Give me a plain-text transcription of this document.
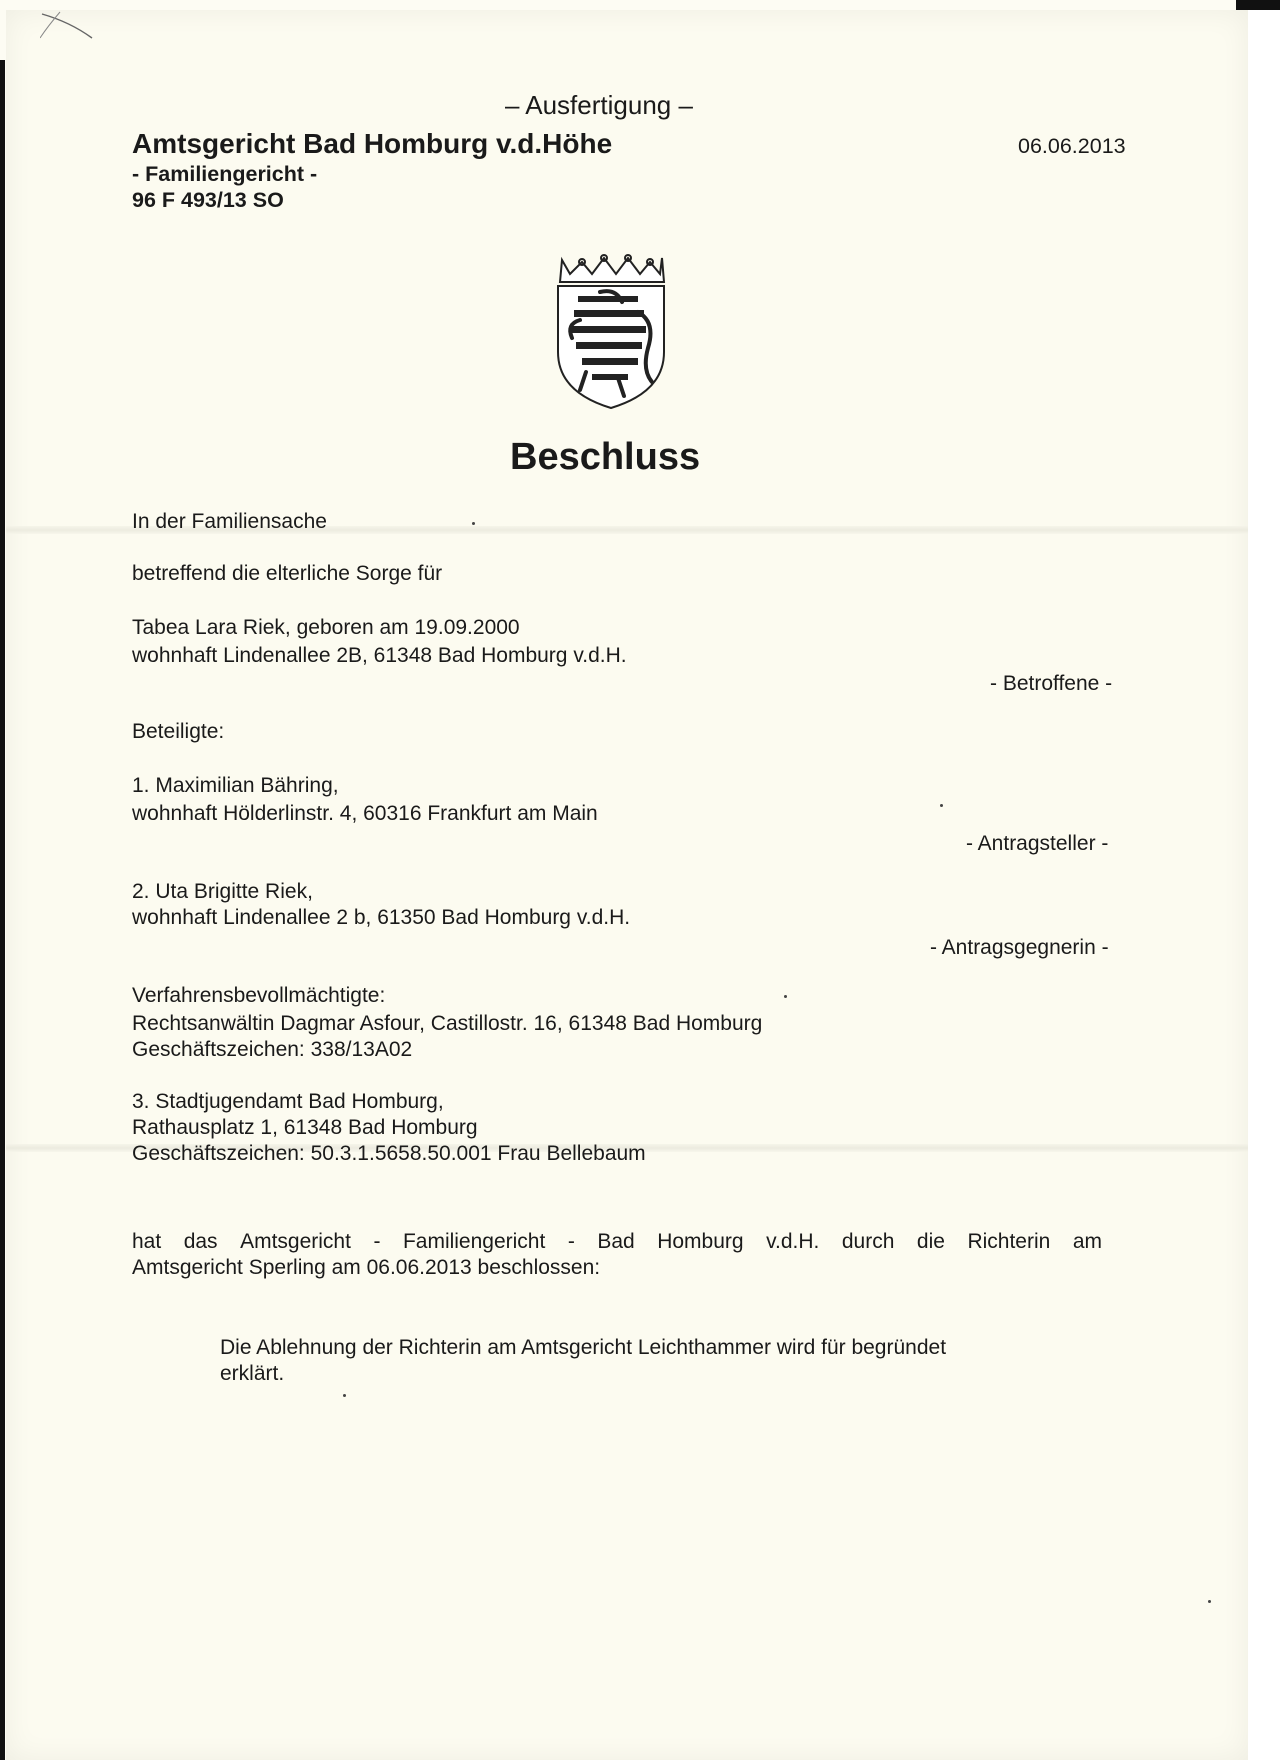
– Ausfertigung –
Amtsgericht Bad Homburg v.d.Höhe	06.06.2013
- Familiengericht -
96 F 493/13 SO
Beschluss
In der Familiensache
betreffend die elterliche Sorge für
Tabea Lara Riek, geboren am 19.09.2000
wohnhaft Lindenallee 2B, 61348 Bad Homburg v.d.H.
- Betroffene -
Beteiligte:
1. Maximilian Bähring,
wohnhaft Hölderlinstr. 4, 60316 Frankfurt am Main
- Antragsteller -
2. Uta Brigitte Riek,
wohnhaft Lindenallee 2 b, 61350 Bad Homburg v.d.H.
- Antragsgegnerin -
Verfahrensbevollmächtigte:
Rechtsanwältin Dagmar Asfour, Castillostr. 16, 61348 Bad Homburg
Geschäftszeichen: 338/13A02
3. Stadtjugendamt Bad Homburg,
Rathausplatz 1, 61348 Bad Homburg
Geschäftszeichen: 50.3.1.5658.50.001 Frau Bellebaum
hat das Amtsgericht - Familiengericht - Bad Homburg v.d.H. durch die Richterin am
Amtsgericht Sperling am 06.06.2013 beschlossen:
Die Ablehnung der Richterin am Amtsgericht Leichthammer wird für begründet
erklärt.
